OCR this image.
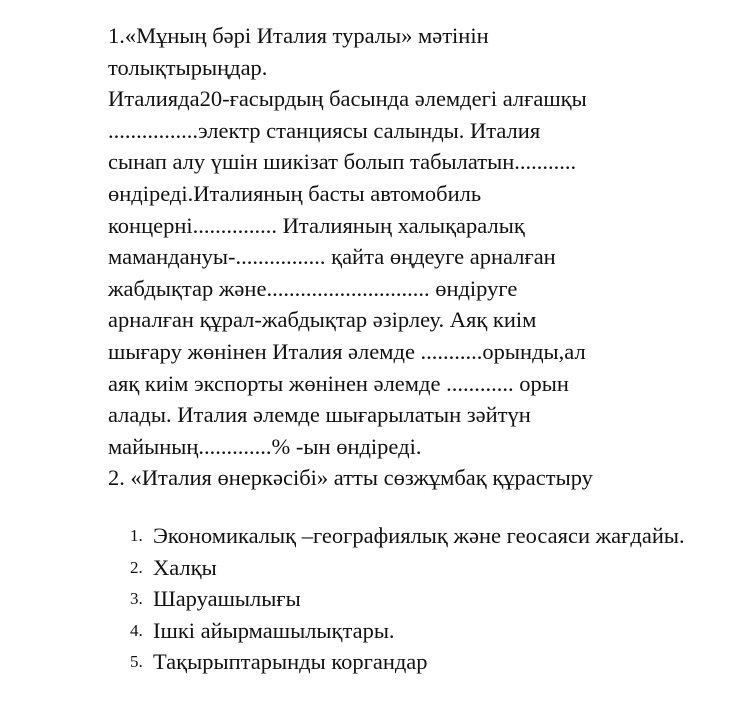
1.«Мұның бәрі Италия туралы» мәтінін

толықтырыңдар.

Италияда20-ғасырдың басында әлемдегі алғашқы

................электр станциясы салынды. Италия

сынап алу үшін шикізат болып табылатын...........

өндіреді.Италияның басты автомобиль

концерні............... Италияның халықаралық

мамандануы-................ қайта өңдеуге арналған

жабдықтар және............................. өндіруге

арналған құрал-жабдықтар әзірлеу. Аяқ киім

шығару жөнінен Италия әлемде ...........орынды,ал

аяқ киім экспорты жөнінен әлемде ............ орын

алады. Италия әлемде шығарылатын зәйтүн

майының.............% -ын өндіреді.

2. «Италия өнеркәсібі» атты сөзжұмбақ құрастыру

1. Экономикалық –географиялық және геосаяси жағдайы.
2. Халқы
3. Шаруашылығы
4. Ішкі айырмашылықтары.
5. Тақырыптарынды коргандар
